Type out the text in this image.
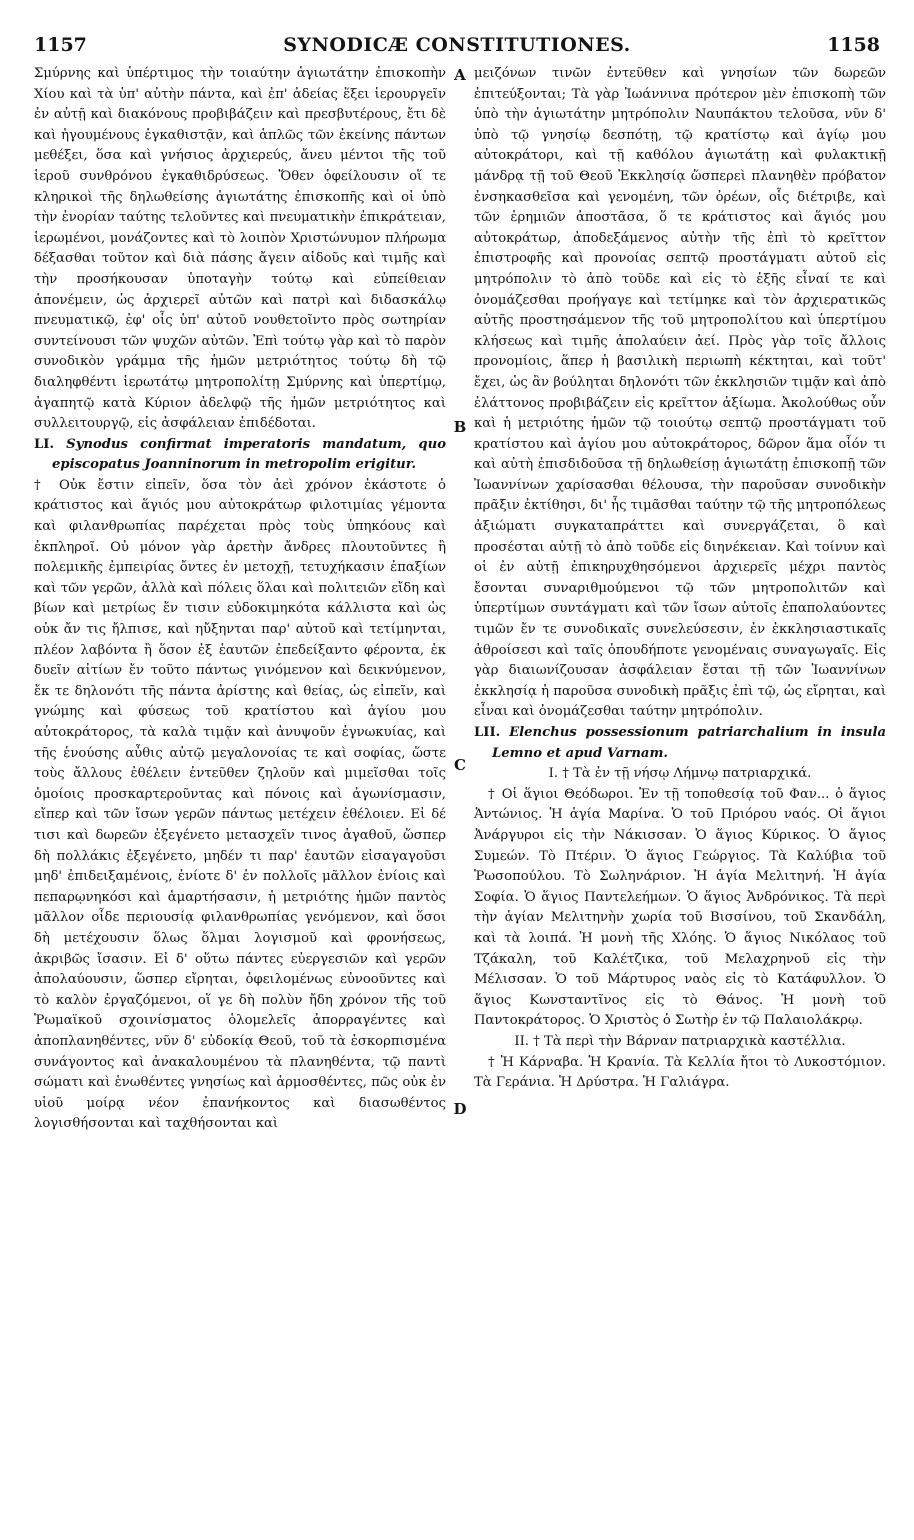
1157	SYNODICÆ CONSTITUTIONES.	1158
A
B
C
D

Σμύρνης καὶ ὑπέρτιμος τὴν τοιαύτην ἁγιωτάτην ἐπισκοπὴν Χίου καὶ τὰ ὑπ' αὐτὴν πάντα, καὶ ἐπ' ἀδείας ἕξει ἱερουργεῖν ἐν αὐτῇ καὶ διακόνους προβιβάζειν καὶ πρεσβυτέρους, ἔτι δὲ καὶ ἡγουμένους ἐγκαθιστᾷν, καὶ ἁπλῶς τῶν ἐκείνης πάντων μεθέξει, ὅσα καὶ γνήσιος ἀρχιερεύς, ἄνευ μέντοι τῆς τοῦ ἱεροῦ συνθρόνου ἐγκαθιδρύσεως. Ὅθεν ὀφείλουσιν οἵ τε κληρικοὶ τῆς δηλωθείσης ἁγιωτάτης ἐπισκοπῆς καὶ οἱ ὑπὸ τὴν ἐνορίαν ταύτης τελοῦντες καὶ πνευματικὴν ἐπικράτειαν, ἱερωμένοι, μονάζοντες καὶ τὸ λοιπὸν Χριστώνυμον πλήρωμα δέξασθαι τοῦτον καὶ διὰ πάσης ἄγειν αἰδοῦς καὶ τιμῆς καὶ τὴν προσήκουσαν ὑποταγὴν τούτῳ καὶ εὐπείθειαν ἀπονέμειν, ὡς ἀρχιερεῖ αὐτῶν καὶ πατρὶ καὶ διδασκάλῳ πνευματικῷ, ἐφ' οἷς ὑπ' αὐτοῦ νουθετοῖντο πρὸς σωτηρίαν συντείνουσι τῶν ψυχῶν αὐτῶν. Ἐπὶ τούτῳ γὰρ καὶ τὸ παρὸν συνοδικὸν γράμμα τῆς ἡμῶν μετριότητος τούτῳ δὴ τῷ διαληφθέντι ἱερωτάτῳ μητροπολίτῃ Σμύρνης καὶ ὑπερτίμῳ, ἀγαπητῷ κατὰ Κύριον ἀδελφῷ τῆς ἡμῶν μετριότητος καὶ συλλειτουργῷ, εἰς ἀσφάλειαν ἐπιδέδοται.

LI. Synodus confirmat imperatoris mandatum, quo episcopatus Joanninorum in metropolim erigitur.

† Οὐκ ἔστιν εἰπεῖν, ὅσα τὸν ἀεὶ χρόνον ἑκάστοτε ὁ κράτιστος καὶ ἅγιός μου αὐτοκράτωρ φιλοτιμίας γέμοντα καὶ φιλανθρωπίας παρέχεται πρὸς τοὺς ὑπηκόους καὶ ἐκπληροῖ. Οὐ μόνον γὰρ ἀρετὴν ἄνδρες πλουτοῦντες ἢ πολεμικῆς ἐμπειρίας ὄντες ἐν μετοχῇ, τετυχήκασιν ἐπαξίων καὶ τῶν γερῶν, ἀλλὰ καὶ πόλεις ὅλαι καὶ πολιτειῶν εἴδη καὶ βίων καὶ μετρίως ἔν τισιν εὐδοκιμηκότα κάλλιστα καὶ ὡς οὐκ ἄν τις ἤλπισε, καὶ ηὔξηνται παρ' αὐτοῦ καὶ τετίμηνται, πλέον λαβόντα ἢ ὅσον ἐξ ἑαυτῶν ἐπεδείξαντο φέροντα, ἐκ δυεῖν αἰτίων ἔν τοῦτο πάντως γινόμενον καὶ δεικνύμενον, ἔκ τε δηλονότι τῆς πάντα ἀρίστης καὶ θείας, ὡς εἰπεῖν, καὶ γνώμης καὶ φύσεως τοῦ κρατίστου καὶ ἁγίου μου αὐτοκράτορος, τὰ καλὰ τιμᾷν καὶ ἀνυψοῦν ἐγνωκυίας, καὶ τῆς ἑνούσης αὖθις αὐτῷ μεγαλονοίας τε καὶ σοφίας, ὥστε τοὺς ἄλλους ἐθέλειν ἐντεῦθεν ζηλοῦν καὶ μιμεῖσθαι τοῖς ὁμοίοις προσκαρτεροῦντας καὶ πόνοις καὶ ἀγωνίσμασιν, εἴπερ καὶ τῶν ἴσων γερῶν πάντως μετέχειν ἐθέλοιεν. Εἰ δέ τισι καὶ δωρεῶν ἐξεγένετο μετασχεῖν τινος ἀγαθοῦ, ὥσπερ δὴ πολλάκις ἐξεγένετο, μηδέν τι παρ' ἑαυτῶν εἰσαγαγοῦσι μηδ' ἐπιδειξαμένοις, ἐνίοτε δ' ἐν πολλοῖς μᾶλλον ἐνίοις καὶ πεπαρῳνηκόσι καὶ ἁμαρτήσασιν, ἡ μετριότης ἡμῶν παντὸς μᾶλλον οἶδε περιουσίᾳ φιλανθρωπίας γενόμενον, καὶ ὅσοι δὴ μετέχουσιν ὅλως ὅλμαι λογισμοῦ καὶ φρονήσεως, ἀκριβῶς ἴσασιν. Εἰ δ' οὕτω πάντες εὐεργεσιῶν καὶ γερῶν ἀπολαύουσιν, ὥσπερ εἴρηται, ὀφειλομένως εὐνοοῦντες καὶ τὸ καλὸν ἐργαζόμενοι, οἵ γε δὴ πολὺν ἤδη χρόνον τῆς τοῦ Ῥωμαϊκοῦ σχοινίσματος ὁλομελεῖς ἀπορραγέντες καὶ ἀποπλανηθέντες, νῦν δ' εὐδοκίᾳ Θεοῦ, τοῦ τὰ ἐσκορπισμένα συνάγοντος καὶ ἀνακαλουμένου τὰ πλανηθέντα, τῷ παντὶ σώματι καὶ ἑνωθέντες γνησίως καὶ ἁρμοσθέντες, πῶς οὐκ ἐν υἱοῦ μοίρᾳ νέον ἐπανήκοντος καὶ διασωθέντος λογισθήσονται καὶ ταχθήσονται καὶ

μειζόνων τινῶν ἐντεῦθεν καὶ γνησίων τῶν δωρεῶν ἐπιτεύξονται; Τὰ γὰρ Ἰωάννινα πρότερον μὲν ἐπισκοπὴ τῶν ὑπὸ τὴν ἁγιωτάτην μητρόπολιν Ναυπάκτου τελοῦσα, νῦν δ' ὑπὸ τῷ γνησίῳ δεσπότῃ, τῷ κρατίστῳ καὶ ἁγίῳ μου αὐτοκράτορι, καὶ τῇ καθόλου ἁγιωτάτῃ καὶ φυλακτικῇ μάνδρᾳ τῇ τοῦ Θεοῦ Ἐκκλησίᾳ ὥσπερεὶ πλανηθὲν πρόβατον ἐνσηκασθεῖσα καὶ γενομένη, τῶν ὀρέων, οἷς διέτριβε, καὶ τῶν ἐρημιῶν ἀποστᾶσα, ὅ τε κράτιστος καὶ ἅγιός μου αὐτοκράτωρ, ἀποδεξάμενος αὐτὴν τῆς ἐπὶ τὸ κρεῖττον ἐπιστροφῆς καὶ προνοίας σεπτῷ προστάγματι αὐτοῦ εἰς μητρόπολιν τὸ ἀπὸ τοῦδε καὶ εἰς τὸ ἑξῆς εἶναί τε καὶ ὀνομάζεσθαι προήγαγε καὶ τετίμηκε καὶ τὸν ἀρχιερατικῶς αὐτῆς προστησάμενον τῆς τοῦ μητροπολίτου καὶ ὑπερτίμου κλήσεως καὶ τιμῆς ἀπολαύειν ἀεί. Πρὸς γὰρ τοῖς ἄλλοις προνομίοις, ἅπερ ἡ βασιλικὴ περιωπὴ κέκτηται, καὶ τοῦτ' ἔχει, ὡς ἂν βούληται δηλονότι τῶν ἐκκλησιῶν τιμᾷν καὶ ἀπὸ ἐλάττονος προβιβάζειν εἰς κρεῖττον ἀξίωμα. Ἀκολούθως οὖν καὶ ἡ μετριότης ἡμῶν τῷ τοιούτῳ σεπτῷ προστάγματι τοῦ κρατίστου καὶ ἁγίου μου αὐτοκράτορος, δῶρον ἅμα οἷόν τι καὶ αὐτὴ ἐπισδιδοῦσα τῇ δηλωθείσῃ ἁγιωτάτῃ ἐπισκοπῇ τῶν Ἰωαννίνων χαρίσασθαι θέλουσα, τὴν παροῦσαν συνοδικὴν πρᾶξιν ἐκτίθησι, δι' ἧς τιμᾶσθαι ταύτην τῷ τῆς μητροπόλεως ἀξιώματι συγκαταπράττει καὶ συνεργάζεται, ὃ καὶ προσέσται αὐτῇ τὸ ἀπὸ τοῦδε εἰς διηνέκειαν. Καὶ τοίνυν καὶ οἱ ἐν αὐτῇ ἐπικηρυχθησόμενοι ἀρχιερεῖς μέχρι παντὸς ἔσονται συναριθμούμενοι τῷ τῶν μητροπολιτῶν καὶ ὑπερτίμων συντάγματι καὶ τῶν ἴσων αὐτοῖς ἐπαπολαύοντες τιμῶν ἔν τε συνοδικαῖς συνελεύσεσιν, ἐν ἐκκλησιαστικαῖς ἀθροίσεσι καὶ ταῖς ὁπουδήποτε γενομέναις συναγωγαῖς. Εἰς γὰρ διαιωνίζουσαν ἀσφάλειαν ἔσται τῇ τῶν Ἰωαννίνων ἐκκλησίᾳ ἡ παροῦσα συνοδικὴ πρᾶξις ἐπὶ τῷ, ὡς εἴρηται, καὶ εἶναι καὶ ὀνομάζεσθαι ταύτην μητρόπολιν.

LII. Elenchus possessionum patriarchalium in insula Lemno et apud Varnam.

I. † Τὰ ἐν τῇ νήσῳ Λήμνῳ πατριαρχικά.

† Οἱ ἅγιοι Θεόδωροι. Ἐν τῇ τοποθεσίᾳ τοῦ Φαν... ὁ ἅγιος Ἀντώνιος. Ἡ ἁγία Μαρίνα. Ὁ τοῦ Πριόρου ναός. Οἱ ἅγιοι Ἀνάργυροι εἰς τὴν Νάκισσαν. Ὁ ἅγιος Κύρικος. Ὁ ἅγιος Συμεών. Τὸ Πτέριν. Ὁ ἅγιος Γεώργιος. Τὰ Καλύβια τοῦ Ῥωσοπούλου. Τὸ Σωληνάριον. Ἡ ἁγία Μελιτηνή. Ἡ ἁγία Σοφία. Ὁ ἅγιος Παντελεήμων. Ὁ ἅγιος Ἀνδρόνικος. Τὰ περὶ τὴν ἁγίαν Μελιτηνὴν χωρία τοῦ Βισσίνου, τοῦ Σκανδάλη, καὶ τὰ λοιπά. Ἡ μονὴ τῆς Χλόης. Ὁ ἅγιος Νικόλαος τοῦ Τζάκαλη, τοῦ Καλέτζικα, τοῦ Μελαχρηνοῦ εἰς τὴν Μέλισσαν. Ὁ τοῦ Μάρτυρος ναὸς εἰς τὸ Κατάφυλλον. Ὁ ἅγιος Κωνσταντῖνος εἰς τὸ Θάνος. Ἡ μονὴ τοῦ Παντοκράτορος. Ὁ Χριστὸς ὁ Σωτὴρ ἐν τῷ Παλαιολάκρῳ.

II. † Τὰ περὶ τὴν Βάρναν πατριαρχικὰ καστέλλια.

† Ἡ Κάρναβα. Ἡ Κρανία. Τὰ Κελλία ἤτοι τὸ Λυκοστόμιον. Τὰ Γεράνια. Ἡ Δρύστρα. Ἡ Γαλιάγρα.
